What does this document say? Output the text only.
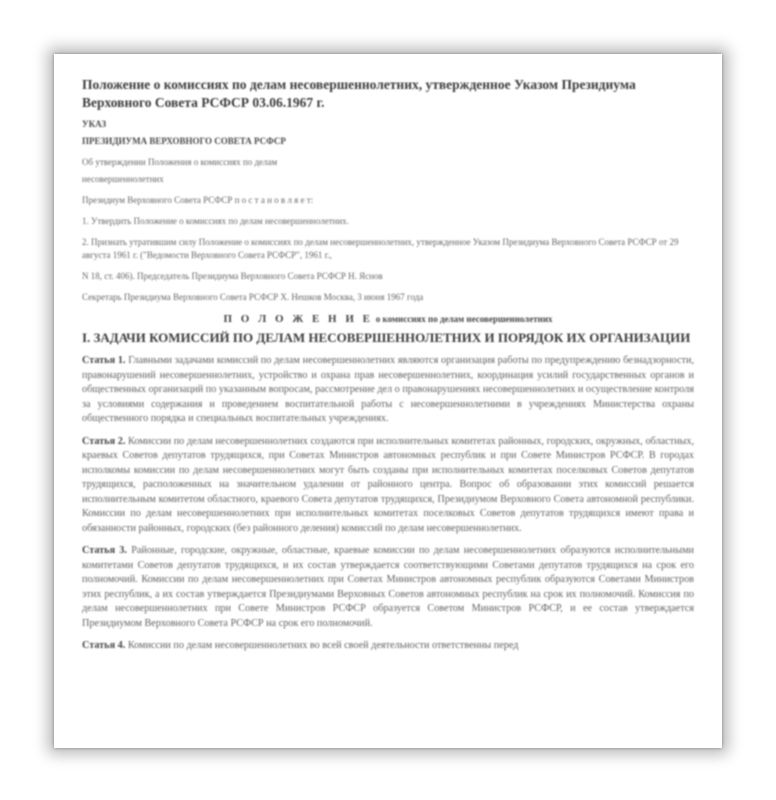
Положение о комиссиях по делам несовершеннолетних, утвержденное Указом Президиума Верховного Совета РСФСР 03.06.1967 г.
УКАЗ
ПРЕЗИДИУМА ВЕРХОВНОГО СОВЕТА РСФСР
Об утверждении Положения о комиссиях по делам
несовершеннолетних
Президиум Верховного Совета РСФСР п о с т а н о в л я е т:
1. Утвердить Положение о комиссиях по делам несовершеннолетних.
2. Признать утратившим силу Положение о комиссиях по делам несовершеннолетних, утвержденное Указом Президиума Верховного Совета РСФСР от 29 августа 1961 г. ("Ведомости Верховного Совета РСФСР", 1961 г.,
N 18, ст. 406). Председатель Президиума Верховного Совета РСФСР Н. Яснов
Секретарь Президиума Верховного Совета РСФСР Х. Нешков Москва, 3 июня 1967 года
П О Л О Ж Е Н И Е о комиссиях по делам несовершеннолетних
I. ЗАДАЧИ КОМИССИЙ ПО ДЕЛАМ НЕСОВЕРШЕННОЛЕТНИХ И ПОРЯДОК ИХ ОРГАНИЗАЦИИ

Статья 1. Главными задачами комиссий по делам несовершеннолетних являются организация работы по предупреждению безнадзорности, правонарушений несовершеннолетних, устройство и охрана прав несовершеннолетних, координация усилий государственных органов и общественных организаций по указанным вопросам, рассмотрение дел о правонарушениях несовершеннолетних и осуществление контроля за условиями содержания и проведением воспитательной работы с несовершеннолетними в учреждениях Министерства охраны общественного порядка и специальных воспитательных учреждениях.

Статья 2. Комиссии по делам несовершеннолетних создаются при исполнительных комитетах районных, городских, окружных, областных, краевых Советов депутатов трудящихся, при Советах Министров автономных республик и при Совете Министров РСФСР. В городах исполкомы комиссии по делам несовершеннолетних могут быть созданы при исполнительных комитетах поселковых Советов депутатов трудящихся, расположенных на значительном удалении от районного центра. Вопрос об образовании этих комиссий решается исполнительным комитетом областного, краевого Совета депутатов трудящихся, Президиумом Верховного Совета автономной республики. Комиссии по делам несовершеннолетних при исполнительных комитетах поселковых Советов депутатов трудящихся имеют права и обязанности районных, городских (без районного деления) комиссий по делам несовершеннолетних.

Статья 3. Районные, городские, окружные, областные, краевые комиссии по делам несовершеннолетних образуются исполнительными комитетами Советов депутатов трудящихся, и их состав утверждается соответствующими Советами депутатов трудящихся на срок его полномочий. Комиссии по делам несовершеннолетних при Советах Министров автономных республик образуются Советами Министров этих республик, а их состав утверждается Президиумами Верховных Советов автономных республик на срок их полномочий. Комиссия по делам несовершеннолетних при Совете Министров РСФСР образуется Советом Министров РСФСР, и ее состав утверждается Президиумом Верховного Совета РСФСР на срок его полномочий.

Статья 4. Комиссии по делам несовершеннолетних во всей своей деятельности ответственны перед
